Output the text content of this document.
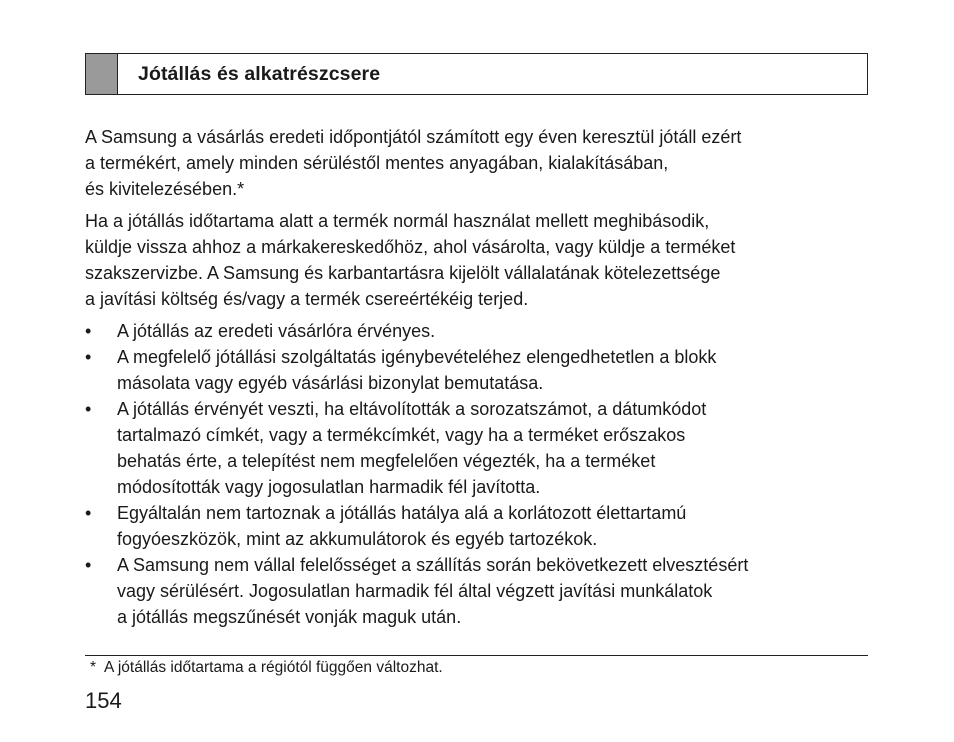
Jótállás és alkatrészcsere

A Samsung a vásárlás eredeti időpontjától számított egy éven keresztül jótáll ezért
a termékért, amely minden sérüléstől mentes anyagában, kialakításában,
és kivitelezésében.*

Ha a jótállás időtartama alatt a termék normál használat mellett meghibásodik,
küldje vissza ahhoz a márkakereskedőhöz, ahol vásárolta, vagy küldje a terméket
szakszervizbe. A Samsung és karbantartásra kijelölt vállalatának kötelezettsége
a javítási költség és/vagy a termék csereértékéig terjed.

• A jótállás az eredeti vásárlóra érvényes.
• A megfelelő jótállási szolgáltatás igénybevételéhez elengedhetetlen a blokk
másolata vagy egyéb vásárlási bizonylat bemutatása.
• A jótállás érvényét veszti, ha eltávolították a sorozatszámot, a dátumkódot
tartalmazó címkét, vagy a termékcímkét, vagy ha a terméket erőszakos
behatás érte, a telepítést nem megfelelően végezték, ha a terméket
módosították vagy jogosulatlan harmadik fél javította.
• Egyáltalán nem tartoznak a jótállás hatálya alá a korlátozott élettartamú
fogyóeszközök, mint az akkumulátorok és egyéb tartozékok.
• A Samsung nem vállal felelősséget a szállítás során bekövetkezett elvesztésért
vagy sérülésért. Jogosulatlan harmadik fél által végzett javítási munkálatok
a jótállás megszűnését vonják maguk után.
* A jótállás időtartama a régiótól függően változhat.
154
